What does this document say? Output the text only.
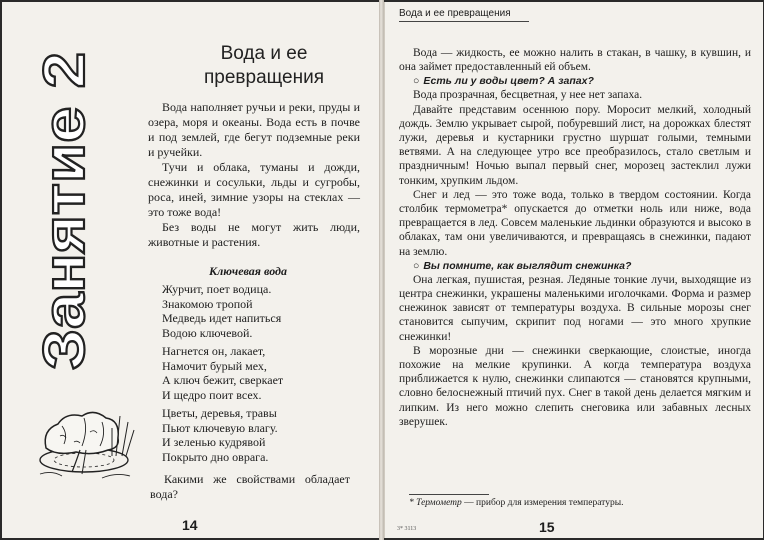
Занятие 2
Вода и ее
превращения

Вода наполняет ручьи и реки, пруды и озера, моря и океаны. Вода есть в почве и под землей, где бегут подземные реки и ручейки.

Тучи и облака, туманы и дожди, снежинки и сосульки, льды и сугробы, роса, иней, зимние узоры на стеклах — это тоже вода!

Без воды не могут жить люди, животные и растения.

Ключевая вода
Журчит, поет водица.
Знакомою тропой
Медведь идет напиться
Водою ключевой.
Нагнется он, лакает,
Намочит бурый мех,
А ключ бежит, сверкает
И щедро поит всех.
Цветы, деревья, травы
Пьют ключевую влагу.
И зеленью кудрявой
Покрыто дно оврага.

Какими же свойствами обладает вода?

14
Вода и ее превращения

Вода — жидкость, ее можно налить в стакан, в чашку, в кувшин, и она займет предоставленный ей объем.

○ Есть ли у воды цвет? А запах?

Вода прозрачная, бесцветная, у нее нет запаха.

Давайте представим осеннюю пору. Моросит мелкий, холодный дождь. Землю укрывает сырой, побуревший лист, на дорожках блестят лужи, деревья и кустарники грустно шуршат голыми, темными ветвями. А на следующее утро все преобразилось, стало светлым и праздничным! Ночью выпал первый снег, морозец застеклил лужи тонким, хрупким льдом.

Снег и лед — это тоже вода, только в твердом состоянии. Когда столбик термометра* опускается до отметки ноль или ниже, вода превращается в лед. Совсем маленькие льдинки образуются и высоко в облаках, там они увеличиваются, и превращаясь в снежинки, падают на землю.

○ Вы помните, как выглядит снежинка?

Она легкая, пушистая, резная. Ледяные тонкие лучи, выходящие из центра снежинки, украшены маленькими иголочками. Форма и размер снежинок зависят от температуры воздуха. В сильные морозы снег становится сыпучим, скрипит под ногами — это много хрупкие снежинки!

В морозные дни — снежинки сверкающие, слоистые, иногда похожие на мелкие крупинки. А когда температура воздуха приближается к нулю, снежинки слипаются — становятся крупными, словно белоснежный птичий пух. Снег в такой день делается мягким и липким. Из него можно слепить снеговика или забавных лесных зверушек.

* Термометр — прибор для измерения температуры.
3* 3113	15
